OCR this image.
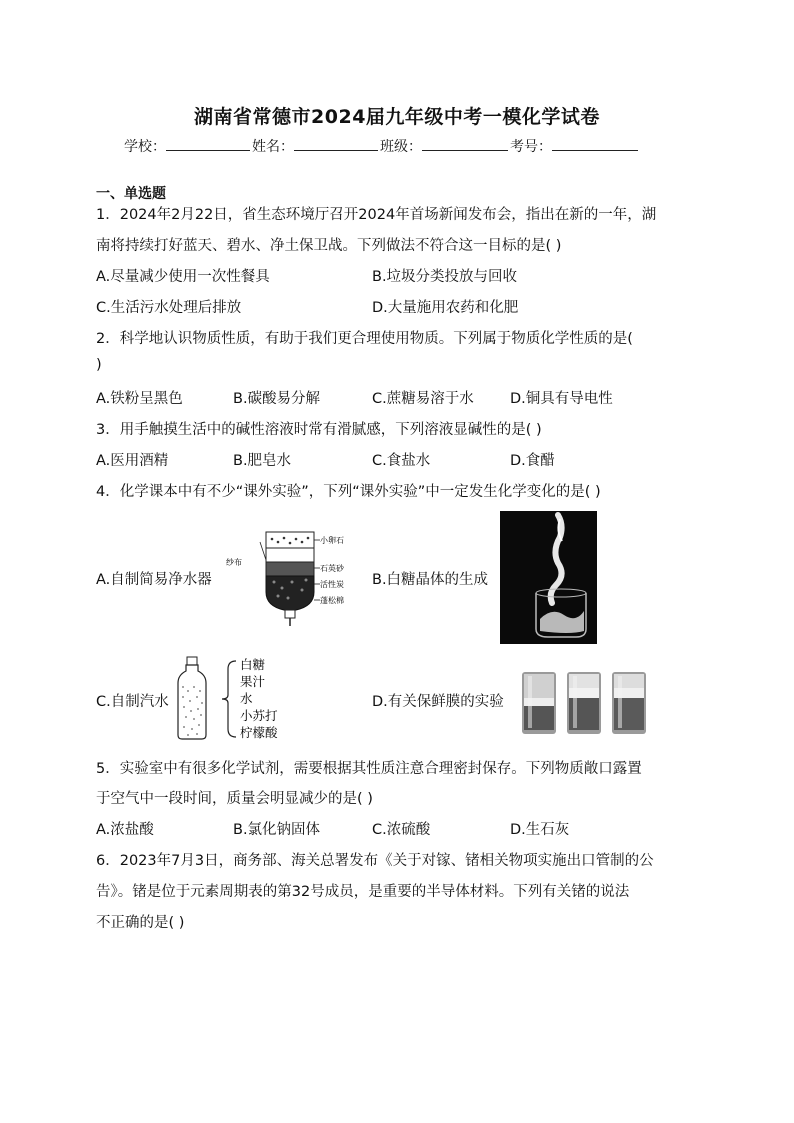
湖南省常德市2024届九年级中考一模化学试卷
学校：	姓名：	班级：	考号：
一、单选题
1．2024年2月22日，省生态环境厅召开2024年首场新闻发布会，指出在新的一年，湖
南将持续打好蓝天、碧水、净土保卫战。下列做法不符合这一目标的是( )
A.尽量减少使用一次性餐具	B.垃圾分类投放与回收
C.生活污水处理后排放	D.大量施用农药和化肥
2．科学地认识物质性质，有助于我们更合理使用物质。下列属于物质化学性质的是(
)
A.铁粉呈黑色	B.碳酸易分解	C.蔗糖易溶于水	D.铜具有导电性
3．用手触摸生活中的碱性溶液时常有滑腻感，下列溶液显碱性的是( )
A.医用酒精	B.肥皂水	C.食盐水	D.食醋
4．化学课本中有不少“课外实验”，下列“课外实验”中一定发生化学变化的是( )
A.自制简易净水器
纱布
小卵石
石英砂
活性炭
蓬松棉
B.白糖晶体的生成
C.自制汽水
白糖
果汁
水
小苏打
柠檬酸
D.有关保鲜膜的实验
5．实验室中有很多化学试剂，需要根据其性质注意合理密封保存。下列物质敞口露置
于空气中一段时间，质量会明显减少的是( )
A.浓盐酸	B.氯化钠固体	C.浓硫酸	D.生石灰
6．2023年7月3日，商务部、海关总署发布《关于对镓、锗相关物项实施出口管制的公
告》。锗是位于元素周期表的第32号成员，是重要的半导体材料。下列有关锗的说法
不正确的是( )
